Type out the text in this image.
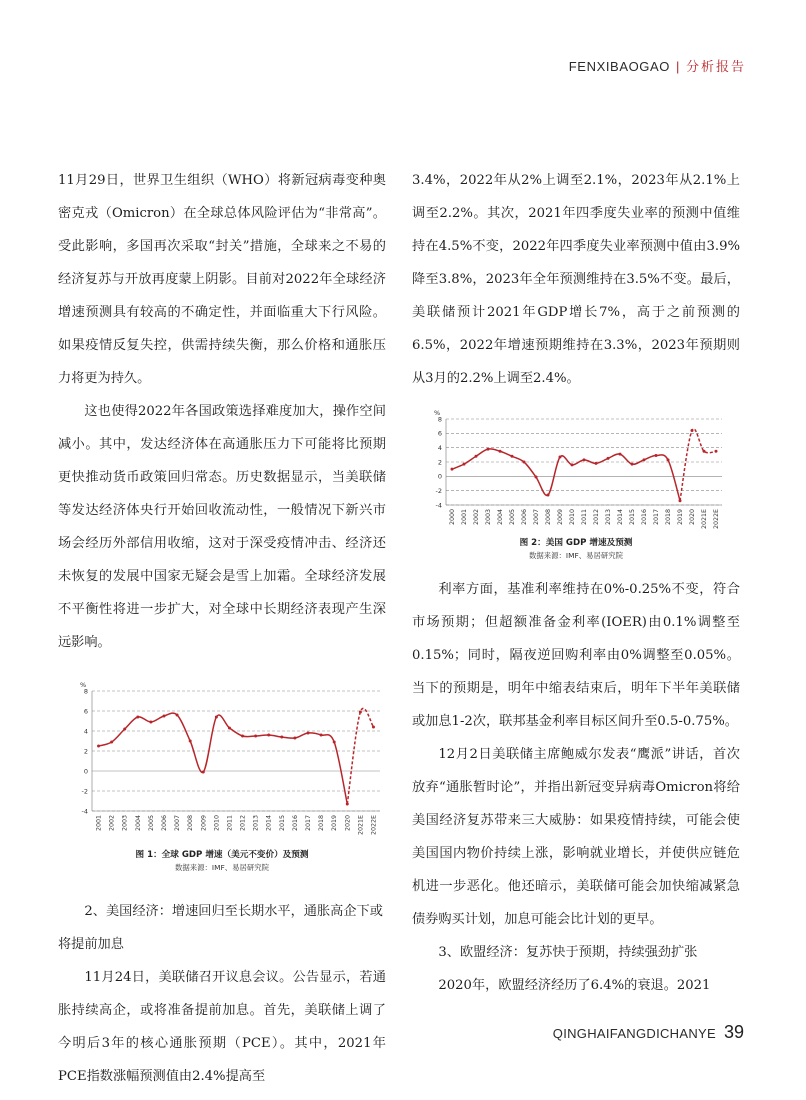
FENXIBAOGAO | 分析报告

11月29日，世界卫生组织（WHO）将新冠病毒变种奥密克戎（Omicron）在全球总体风险评估为“非常高”。受此影响，多国再次采取“封关”措施，全球来之不易的经济复苏与开放再度蒙上阴影。目前对2022年全球经济增速预测具有较高的不确定性，并面临重大下行风险。如果疫情反复失控，供需持续失衡，那么价格和通胀压力将更为持久。

这也使得2022年各国政策选择难度加大，操作空间减小。其中，发达经济体在高通胀压力下可能将比预期更快推动货币政策回归常态。历史数据显示，当美联储等发达经济体央行开始回收流动性，一般情况下新兴市场会经历外部信用收缩，这对于深受疫情冲击、经济还未恢复的发展中国家无疑会是雪上加霜。全球经济发展不平衡性将进一步扩大，对全球中长期经济表现产生深远影响。

%
8
6
4
2
0
-2
-4
2001 2002 2003 2004 2005 2006 2007 2008 2009 2010 2011 2012 2013 2014 2015 2016 2017 2018 2019 2020 2021E 2022E
图 1：全球 GDP 增速（美元不变价）及预测
数据来源：IMF、易居研究院

2、美国经济：增速回归至长期水平，通胀高企下或将提前加息

11月24日，美联储召开议息会议。公告显示，若通胀持续高企，或将准备提前加息。首先，美联储上调了今明后3年的核心通胀预期（PCE）。其中，2021年PCE指数涨幅预测值由2.4%提高至

3.4%，2022年从2%上调至2.1%，2023年从2.1%上调至2.2%。其次，2021年四季度失业率的预测中值维持在4.5%不变，2022年四季度失业率预测中值由3.9%降至3.8%，2023年全年预测维持在3.5%不变。最后，美联储预计2021年GDP增长7%，高于之前预测的6.5%，2022年增速预期维持在3.3%，2023年预期则从3月的2.2%上调至2.4%。

%
8
6
4
2
0
-2
-4
2000 2001 2002 2003 2004 2005 2006 2007 2008 2009 2010 2011 2012 2013 2014 2015 2016 2017 2018 2019 2020 2021E 2022E
图 2：美国 GDP 增速及预测
数据来源：IMF、易居研究院

利率方面，基准利率维持在0%-0.25%不变，符合市场预期；但超额准备金利率(IOER)由0.1%调整至0.15%；同时，隔夜逆回购利率由0%调整至0.05%。当下的预期是，明年中缩表结束后，明年下半年美联储或加息1-2次，联邦基金利率目标区间升至0.5-0.75%。

12月2日美联储主席鲍威尔发表“鹰派”讲话，首次放弃“通胀暂时论”，并指出新冠变异病毒Omicron将给美国经济复苏带来三大威胁：如果疫情持续，可能会使美国国内物价持续上涨，影响就业增长，并使供应链危机进一步恶化。他还暗示，美联储可能会加快缩减紧急债券购买计划，加息可能会比计划的更早。

3、欧盟经济：复苏快于预期，持续强劲扩张

2020年，欧盟经济经历了6.4%的衰退。2021

QINGHAIFANGDICHANYE 39
